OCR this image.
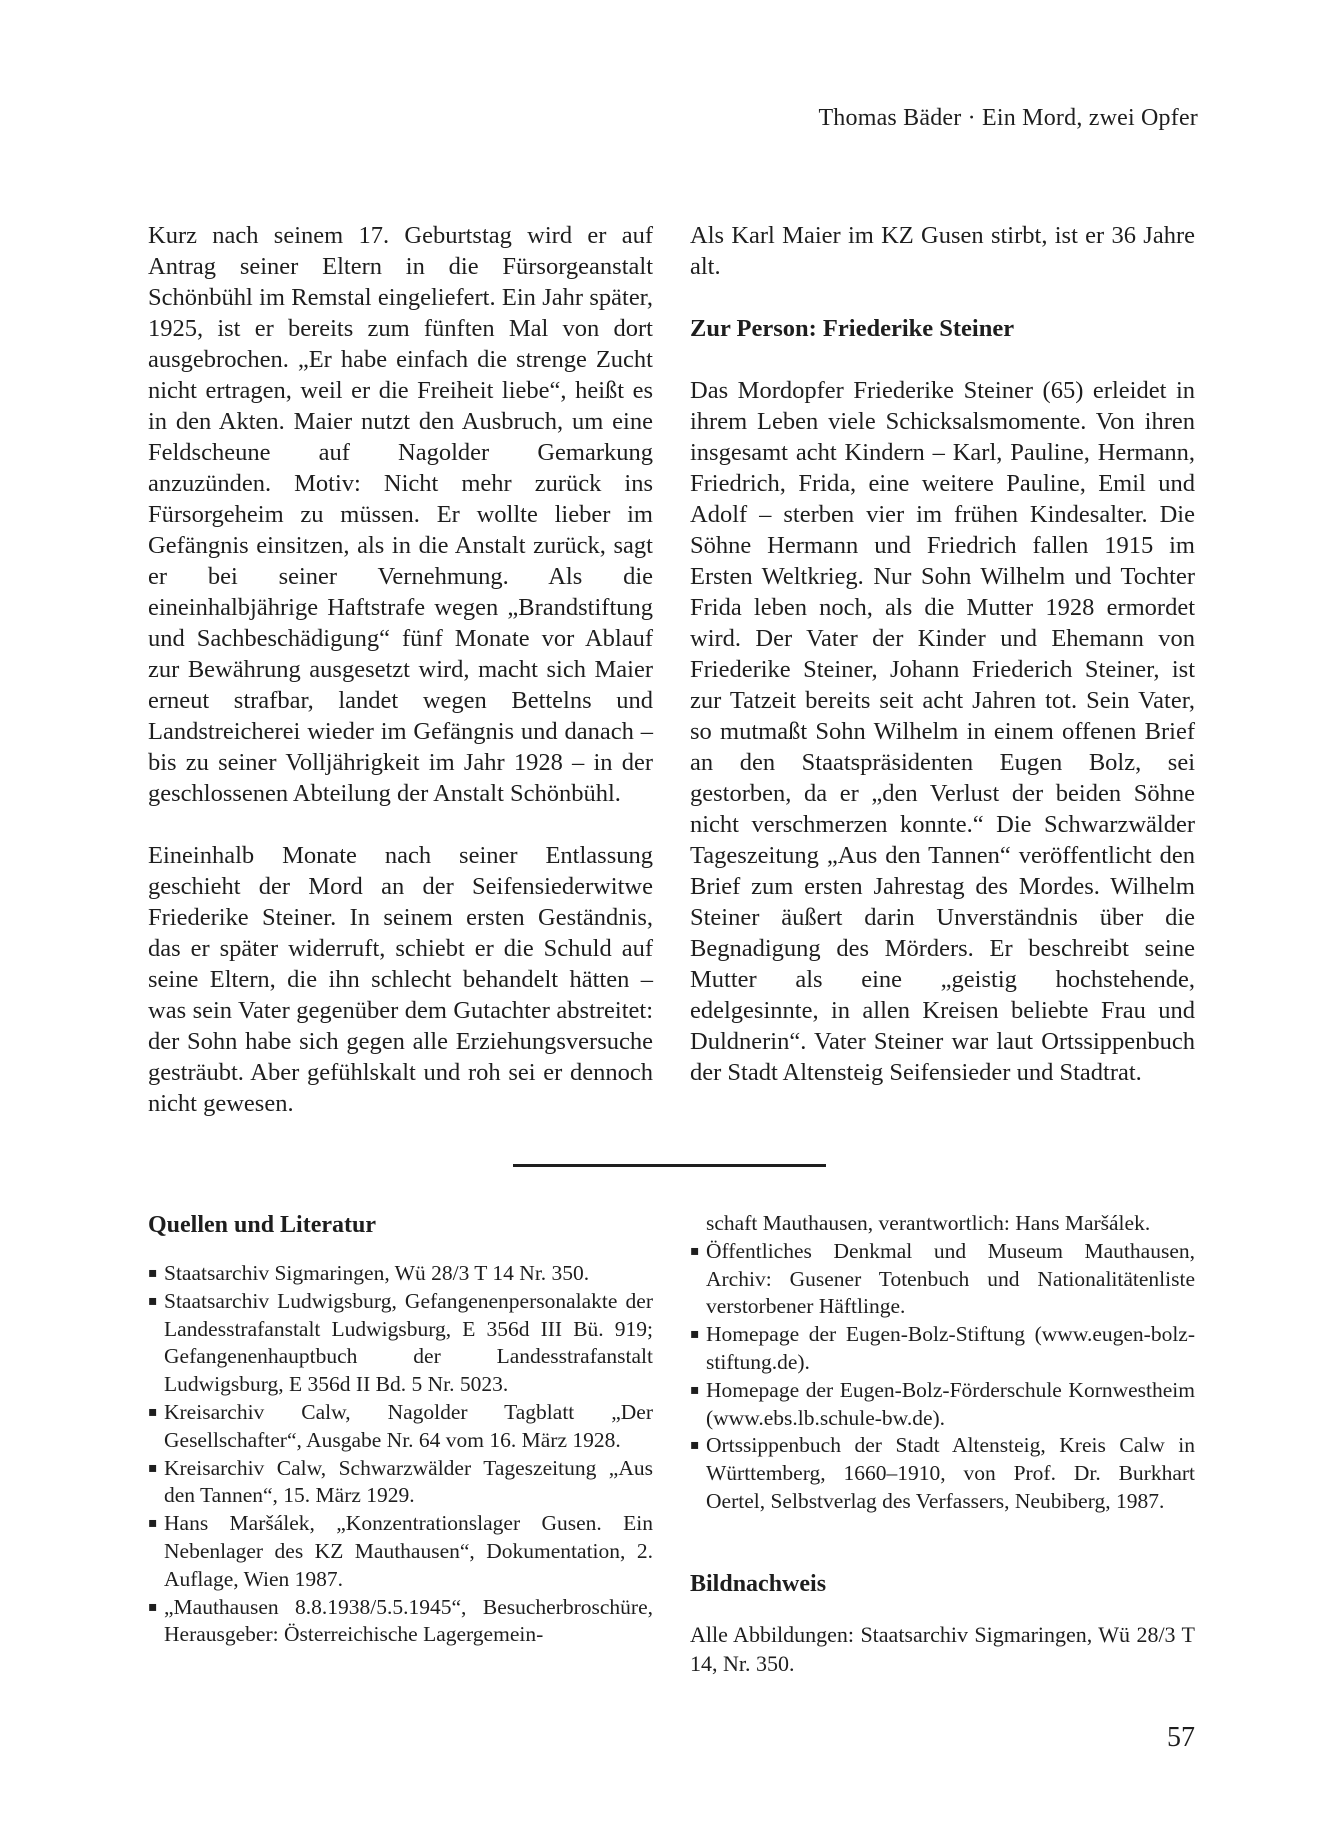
Thomas Bäder · Ein Mord, zwei Opfer

Kurz nach seinem 17. Geburtstag wird er auf Antrag seiner Eltern in die Fürsorgeanstalt Schönbühl im Remstal eingeliefert. Ein Jahr später, 1925, ist er bereits zum fünften Mal von dort ausgebrochen. „Er habe einfach die strenge Zucht nicht ertragen, weil er die Freiheit liebe“, heißt es in den Akten. Maier nutzt den Ausbruch, um eine Feldscheune auf Nagolder Gemarkung anzuzünden. Motiv: Nicht mehr zurück ins Fürsorgeheim zu müssen. Er wollte lieber im Gefängnis einsitzen, als in die Anstalt zurück, sagt er bei seiner Vernehmung. Als die eineinhalbjährige Haftstrafe wegen „Brandstiftung und Sachbeschädigung“ fünf Monate vor Ablauf zur Bewährung ausgesetzt wird, macht sich Maier erneut strafbar, landet wegen Bettelns und Landstreicherei wieder im Gefängnis und danach – bis zu seiner Volljährigkeit im Jahr 1928 – in der geschlossenen Abteilung der Anstalt Schönbühl.

Eineinhalb Monate nach seiner Entlassung geschieht der Mord an der Seifensiederwitwe Friederike Steiner. In seinem ersten Geständnis, das er später widerruft, schiebt er die Schuld auf seine Eltern, die ihn schlecht behandelt hätten – was sein Vater gegenüber dem Gutachter abstreitet: der Sohn habe sich gegen alle Erziehungsversuche gesträubt. Aber gefühlskalt und roh sei er dennoch nicht gewesen.

Als Karl Maier im KZ Gusen stirbt, ist er 36 Jahre alt.

Zur Person: Friederike Steiner

Das Mordopfer Friederike Steiner (65) erleidet in ihrem Leben viele Schicksalsmomente. Von ihren insgesamt acht Kindern – Karl, Pauline, Hermann, Friedrich, Frida, eine weitere Pauline, Emil und Adolf – sterben vier im frühen Kindesalter. Die Söhne Hermann und Friedrich fallen 1915 im Ersten Weltkrieg. Nur Sohn Wilhelm und Tochter Frida leben noch, als die Mutter 1928 ermordet wird. Der Vater der Kinder und Ehemann von Friederike Steiner, Johann Friederich Steiner, ist zur Tatzeit bereits seit acht Jahren tot. Sein Vater, so mutmaßt Sohn Wilhelm in einem offenen Brief an den Staatspräsidenten Eugen Bolz, sei gestorben, da er „den Verlust der beiden Söhne nicht verschmerzen konnte.“ Die Schwarzwälder Tageszeitung „Aus den Tannen“ veröffentlicht den Brief zum ersten Jahrestag des Mordes. Wilhelm Steiner äußert darin Unverständnis über die Begnadigung des Mörders. Er beschreibt seine Mutter als eine „geistig hochstehende, edelgesinnte, in allen Kreisen beliebte Frau und Duldnerin“. Vater Steiner war laut Ortssippenbuch der Stadt Altensteig Seifensieder und Stadtrat.

Quellen und Literatur
▪ Staatsarchiv Sigmaringen, Wü 28/3 T 14 Nr. 350.
▪ Staatsarchiv Ludwigsburg, Gefangenenpersonalakte der Landesstrafanstalt Ludwigsburg, E 356d III Bü. 919; Gefangenenhauptbuch der Landesstrafanstalt Ludwigsburg, E 356d II Bd. 5 Nr. 5023.
▪ Kreisarchiv Calw, Nagolder Tagblatt „Der Gesellschafter“, Ausgabe Nr. 64 vom 16. März 1928.
▪ Kreisarchiv Calw, Schwarzwälder Tageszeitung „Aus den Tannen“, 15. März 1929.
▪ Hans Maršálek, „Konzentrationslager Gusen. Ein Nebenlager des KZ Mauthausen“, Dokumentation, 2. Auflage, Wien 1987.
▪ „Mauthausen 8.8.1938/5.5.1945“, Besucherbroschüre, Herausgeber: Österreichische Lagergemein-
schaft Mauthausen, verantwortlich: Hans Maršálek.
▪ Öffentliches Denkmal und Museum Mauthausen, Archiv: Gusener Totenbuch und Nationalitätenliste verstorbener Häftlinge.
▪ Homepage der Eugen-Bolz-Stiftung (www.eugen-bolz-stiftung.de).
▪ Homepage der Eugen-Bolz-Förderschule Kornwestheim (www.ebs.lb.schule-bw.de).
▪ Ortssippenbuch der Stadt Altensteig, Kreis Calw in Württemberg, 1660–1910, von Prof. Dr. Burkhart Oertel, Selbstverlag des Verfassers, Neubiberg, 1987.
Bildnachweis

Alle Abbildungen: Staatsarchiv Sigmaringen, Wü 28/3 T 14, Nr. 350.

57
